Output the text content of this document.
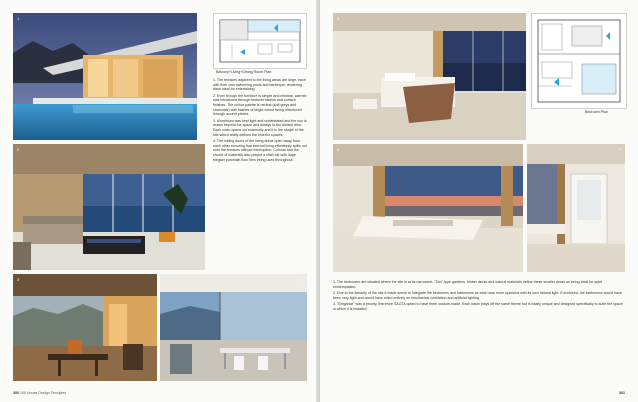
1
Balcony+Living+Dining Room Plan

1. The terraces adjacent to the living areas are large, each with their own swimming pools and barbeque, rendering them ideal for entertaining.

2. Even though the furniture is simple and minimal, warmth was introduced through textured fabrics and surface finishes. The colour palette is neutral (soft greys and charcoals) with flashes of bright colour being introduced through accent pieces.

3. Aluminium was kept light and understated and the sun is drawn beyond the space and always to the distant view. Each room opens out externally and it is the shape of the site which really defines the exterior spaces.

4. The sliding doors of the living areas open away from each other ensuring that internal living effortlessly spills out onto the terraces without interruption. Colours and the choice of materials also played a vital role with large elegant porcelain floor tiles being used throughout.

2
3	4
300 100 House Design Principles
5
Bedroom Plan
6	7

1. The bedrooms are situated where the site is at its narrowest. "Zen"-type gardens, timber decks and natural materials define these smaller areas as being ideal for quiet contemplation.

2. Due to the linearity of the site it made sense to integrate the bedrooms and bathrooms as each was more spacious with its own natural light. If enclosed, the bathrooms would have been very tight and would have relied entirely on mechanical ventilation and artificial lighting.

3. "Elegance" was a priority, therefore SAOTA opted to have them custom-made. Each basin plays off the same theme but is totally unique and designed specifically to suite the space in which it is installed.

301
